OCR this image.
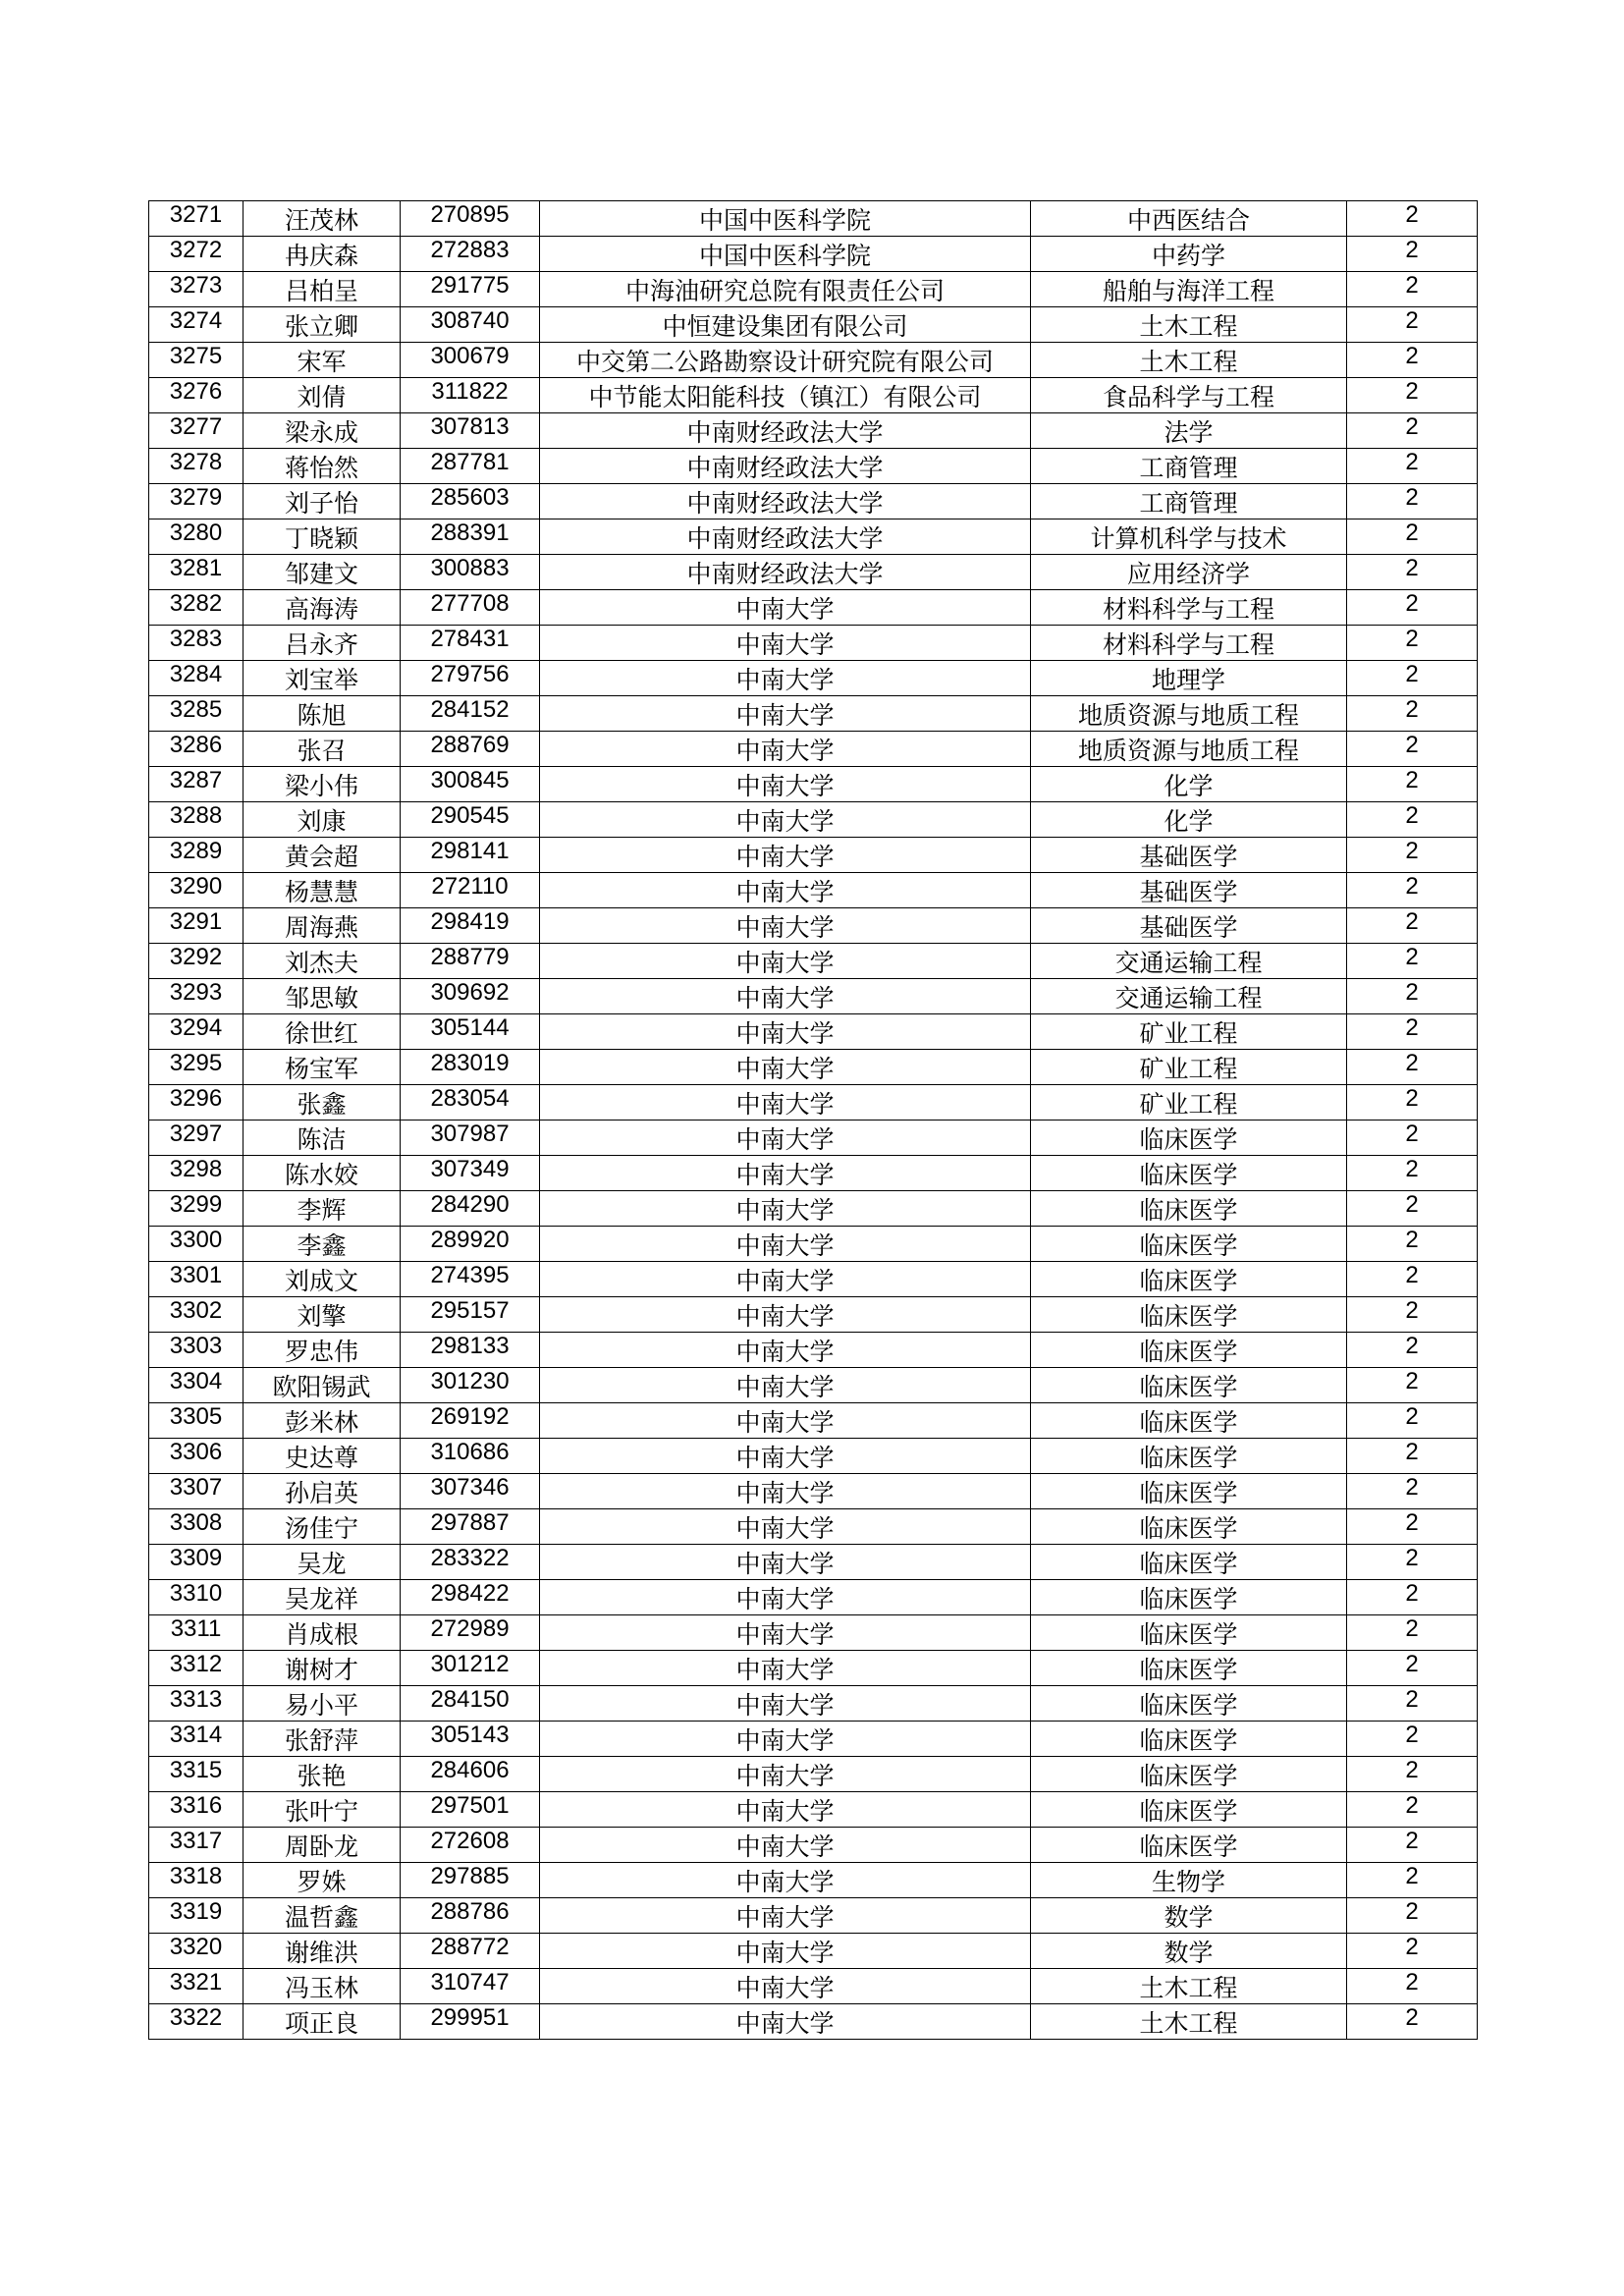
3271	汪茂林	270895	中国中医科学院	中西医结合	2
3272	冉庆森	272883	中国中医科学院	中药学	2
3273	吕柏呈	291775	中海油研究总院有限责任公司	船舶与海洋工程	2
3274	张立卿	308740	中恒建设集团有限公司	土木工程	2
3275	宋军	300679	中交第二公路勘察设计研究院有限公司	土木工程	2
3276	刘倩	311822	中节能太阳能科技（镇江）有限公司	食品科学与工程	2
3277	梁永成	307813	中南财经政法大学	法学	2
3278	蒋怡然	287781	中南财经政法大学	工商管理	2
3279	刘子怡	285603	中南财经政法大学	工商管理	2
3280	丁晓颖	288391	中南财经政法大学	计算机科学与技术	2
3281	邹建文	300883	中南财经政法大学	应用经济学	2
3282	高海涛	277708	中南大学	材料科学与工程	2
3283	吕永齐	278431	中南大学	材料科学与工程	2
3284	刘宝举	279756	中南大学	地理学	2
3285	陈旭	284152	中南大学	地质资源与地质工程	2
3286	张召	288769	中南大学	地质资源与地质工程	2
3287	梁小伟	300845	中南大学	化学	2
3288	刘康	290545	中南大学	化学	2
3289	黄会超	298141	中南大学	基础医学	2
3290	杨慧慧	272110	中南大学	基础医学	2
3291	周海燕	298419	中南大学	基础医学	2
3292	刘杰夫	288779	中南大学	交通运输工程	2
3293	邹思敏	309692	中南大学	交通运输工程	2
3294	徐世红	305144	中南大学	矿业工程	2
3295	杨宝军	283019	中南大学	矿业工程	2
3296	张鑫	283054	中南大学	矿业工程	2
3297	陈洁	307987	中南大学	临床医学	2
3298	陈水姣	307349	中南大学	临床医学	2
3299	李辉	284290	中南大学	临床医学	2
3300	李鑫	289920	中南大学	临床医学	2
3301	刘成文	274395	中南大学	临床医学	2
3302	刘擎	295157	中南大学	临床医学	2
3303	罗忠伟	298133	中南大学	临床医学	2
3304	欧阳锡武	301230	中南大学	临床医学	2
3305	彭米林	269192	中南大学	临床医学	2
3306	史达尊	310686	中南大学	临床医学	2
3307	孙启英	307346	中南大学	临床医学	2
3308	汤佳宁	297887	中南大学	临床医学	2
3309	吴龙	283322	中南大学	临床医学	2
3310	吴龙祥	298422	中南大学	临床医学	2
3311	肖成根	272989	中南大学	临床医学	2
3312	谢树才	301212	中南大学	临床医学	2
3313	易小平	284150	中南大学	临床医学	2
3314	张舒萍	305143	中南大学	临床医学	2
3315	张艳	284606	中南大学	临床医学	2
3316	张叶宁	297501	中南大学	临床医学	2
3317	周卧龙	272608	中南大学	临床医学	2
3318	罗姝	297885	中南大学	生物学	2
3319	温哲鑫	288786	中南大学	数学	2
3320	谢维洪	288772	中南大学	数学	2
3321	冯玉林	310747	中南大学	土木工程	2
3322	项正良	299951	中南大学	土木工程	2
